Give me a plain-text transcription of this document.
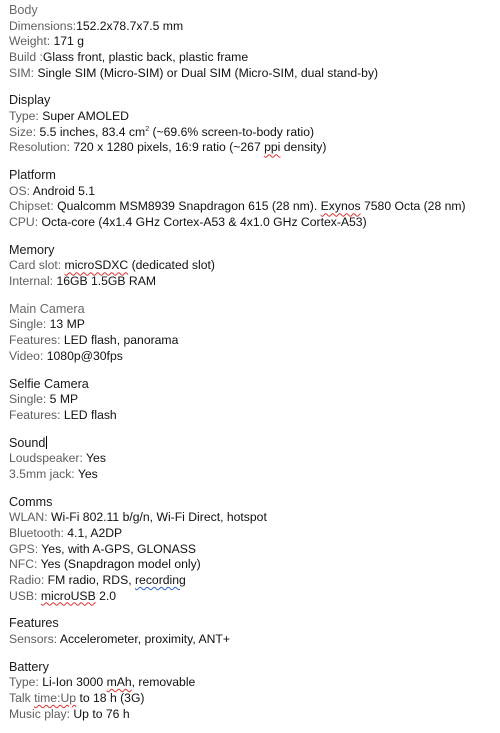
Body
Dimensions:152.2x78.7x7.5 mm
Weight: 171 g
Build :Glass front, plastic back, plastic frame
SIM: Single SIM (Micro-SIM) or Dual SIM (Micro-SIM, dual stand-by)
Display
Type: Super AMOLED
Size: 5.5 inches, 83.4 $cm^2$ (~69.6% screen-to-body ratio)
Resolution: 720 x 1280 pixels, 16:9 ratio (~267 ppi density)
Platform
OS: Android 5.1
Chipset: Qualcomm MSM8939 Snapdragon 615 (28 nm). Exynos 7580 Octa (28 nm)
CPU: Octa-core (4x1.4 GHz Cortex-A53 & 4x1.0 GHz Cortex-A53)
Memory
Card slot: microSDXC (dedicated slot)
Internal: 16GB 1.5GB RAM
Main Camera
Single: 13 MP
Features: LED flash, panorama
Video: 1080p@30fps
Selfie Camera
Single: 5 MP
Features: LED flash
Sound
Loudspeaker: Yes
3.5mm jack: Yes
Comms
WLAN: Wi-Fi 802.11 b/g/n, Wi-Fi Direct, hotspot
Bluetooth: 4.1, A2DP
GPS: Yes, with A-GPS, GLONASS
NFC: Yes (Snapdragon model only)
Radio: FM radio, RDS, recording
USB: microUSB 2.0
Features
Sensors: Accelerometer, proximity, ANT+
Battery
Type: Li-Ion 3000 mAh, removable
Talk time:Up to 18 h (3G)
Music play: Up to 76 h
